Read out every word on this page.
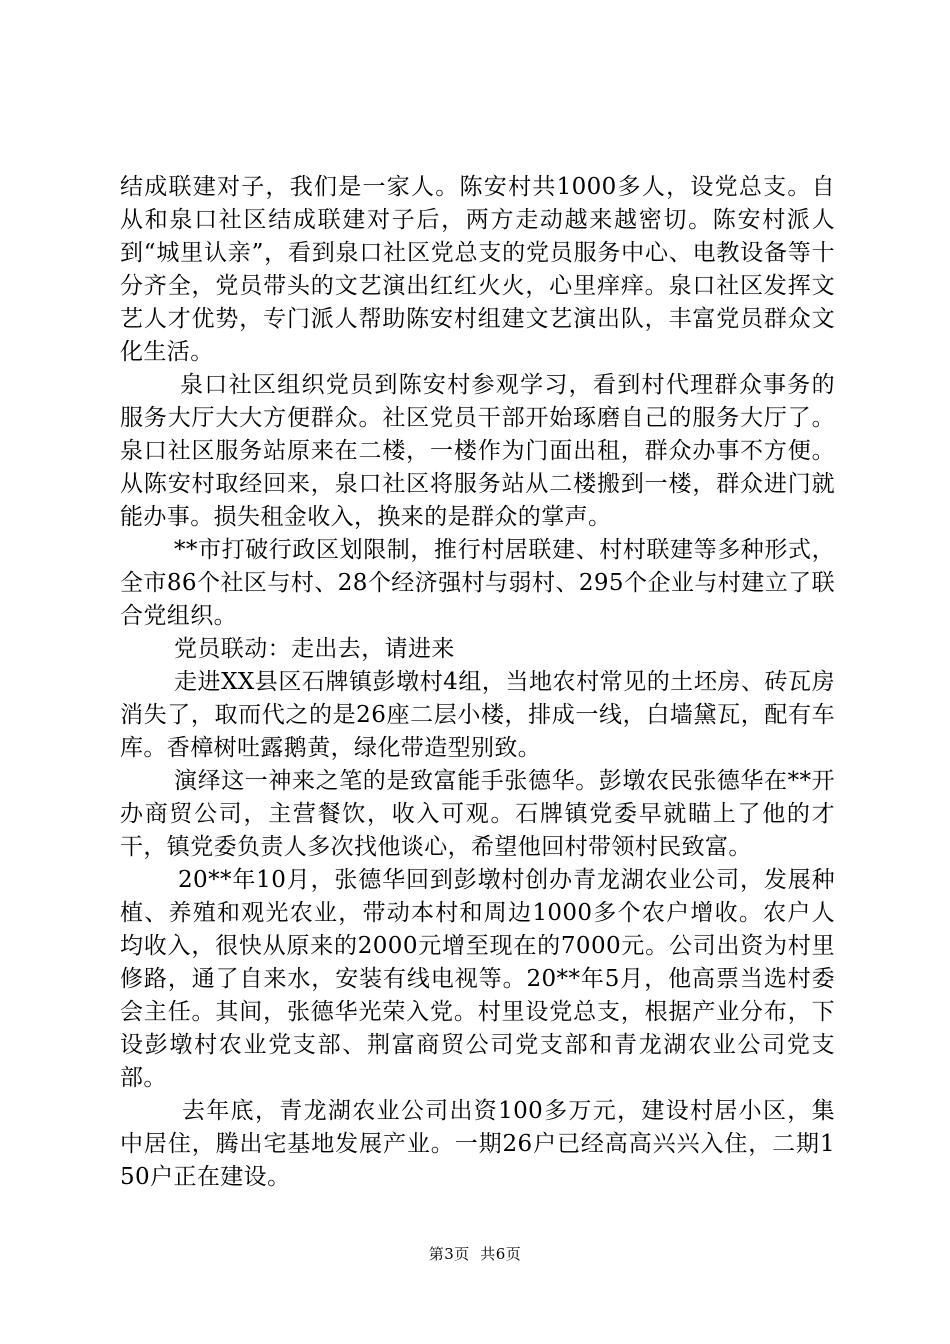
结成联建对子，我们是一家人。陈安村共1000多人，设党总支。自从和泉口社区结成联建对子后，两方走动越来越密切。陈安村派人到“城里认亲”，看到泉口社区党总支的党员服务中心、电教设备等十分齐全，党员带头的文艺演出红红火火，心里痒痒。泉口社区发挥文艺人才优势，专门派人帮助陈安村组建文艺演出队，丰富党员群众文化生活。

泉口社区组织党员到陈安村参观学习，看到村代理群众事务的服务大厅大大方便群众。社区党员干部开始琢磨自己的服务大厅了。泉口社区服务站原来在二楼，一楼作为门面出租，群众办事不方便。从陈安村取经回来，泉口社区将服务站从二楼搬到一楼，群众进门就能办事。损失租金收入，换来的是群众的掌声。

**市打破行政区划限制，推行村居联建、村村联建等多种形式，全市86个社区与村、28个经济强村与弱村、295个企业与村建立了联合党组织。

党员联动：走出去，请进来

走进XX县区石牌镇彭墩村4组，当地农村常见的土坯房、砖瓦房消失了，取而代之的是26座二层小楼，排成一线，白墙黛瓦，配有车库。香樟树吐露鹅黄，绿化带造型别致。

演绎这一神来之笔的是致富能手张德华。彭墩农民张德华在**开办商贸公司，主营餐饮，收入可观。石牌镇党委早就瞄上了他的才干，镇党委负责人多次找他谈心，希望他回村带领村民致富。

20**年10月，张德华回到彭墩村创办青龙湖农业公司，发展种植、养殖和观光农业，带动本村和周边1000多个农户增收。农户人均收入，很快从原来的2000元增至现在的7000元。公司出资为村里修路，通了自来水，安装有线电视等。20**年5月，他高票当选村委会主任。其间，张德华光荣入党。村里设党总支，根据产业分布，下设彭墩村农业党支部、荆富商贸公司党支部和青龙湖农业公司党支部。

去年底，青龙湖农业公司出资100多万元，建设村居小区，集中居住，腾出宅基地发展产业。一期26户已经高高兴兴入住，二期150户正在建设。

第3页  共6页
